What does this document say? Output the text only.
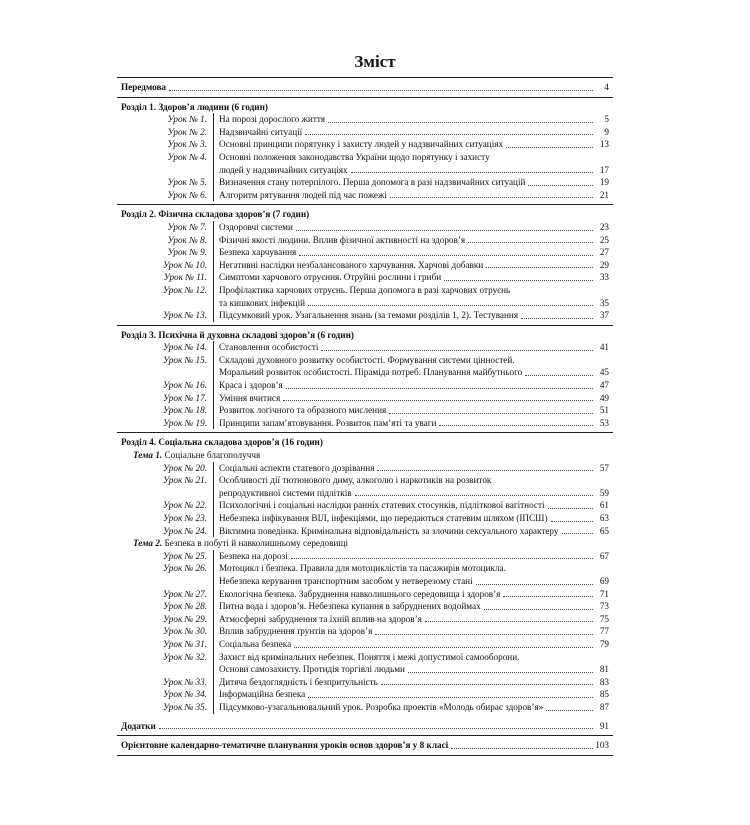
Зміст
Передмова	4
Розділ 1. Здоров’я людини (6 годин)
Урок № 1.	На порозі дорослого життя	5
Урок № 2.	Надзвичайні ситуації	9
Урок № 3.	Основні принципи порятунку і захисту людей у надзвичайних ситуаціях	13
Урок № 4.	Основні положення законодавства України щодо порятунку і захисту
людей у надзвичайних ситуаціях	17
Урок № 5.	Визначення стану потерпілого. Перша допомога в разі надзвичайних ситуацій	19
Урок № 6.	Алгоритм рятування людей під час пожежі	21
Розділ 2. Фізична складова здоров’я (7 годин)
Урок № 7.	Оздоровчі системи	23
Урок № 8.	Фізичні якості людини. Вплив фізичної активності на здоров’я	25
Урок № 9.	Безпека харчування	27
Урок № 10.	Негативні наслідки незбалансованого харчування. Харчові добавки	29
Урок № 11.	Симптоми харчового отруєння. Отруйні рослини і гриби	33
Урок № 12.	Профілактика харчових отруєнь. Перша допомога в разі харчових отруєнь
та кишкових інфекцій	35
Урок № 13.	Підсумковий урок. Узагальнення знань (за темами розділів 1, 2). Тестування	37
Розділ 3. Психічна й духовна складові здоров’я (6 годин)
Урок № 14.	Становлення особистості	41
Урок № 15.	Складові духовного розвитку особистості. Формування системи цінностей.
Моральний розвиток особистості. Піраміда потреб. Планування майбутнього	45
Урок № 16.	Краса і здоров’я	47
Урок № 17.	Уміння вчитися	49
Урок № 18.	Розвиток логічного та образного мислення	51
Урок № 19.	Принципи запам’ятовування. Розвиток пам’яті та уваги	53
Розділ 4. Соціальна складова здоров’я (16 годин)
Тема 1. Соціальне благополуччя
Урок № 20.	Соціальні аспекти статевого дозрівання	57
Урок № 21.	Особливості дії тютюнового диму, алкоголю і наркотиків на розвиток
репродуктивної системи підлітків	59
Урок № 22.	Психологічні і соціальні наслідки ранніх статевих стосунків, підліткової вагітності	61
Урок № 23.	Небезпека інфікування ВІЛ, інфекціями, що передаються статевим шляхом (ІПСШ)	63
Урок № 24.	Віктимна поведінка. Кримінальна відповідальність за злочини сексуального характеру	65
Тема 2. Безпека в побуті й навколишньому середовищі
Урок № 25.	Безпека на дорозі	67
Урок № 26.	Мотоцикл і безпека. Правила для мотоциклістів та пасажирів мотоцикла.
Небезпека керування транспортним засобом у нетверезому стані	69
Урок № 27.	Екологічна безпека. Забруднення навколишнього середовища і здоров’я	71
Урок № 28.	Питна вода і здоров’я. Небезпека купання в забруднених водоймах	73
Урок № 29.	Атмосферні забруднення та їхній вплив на здоров’я	75
Урок № 30.	Вплив забруднення ґрунтів на здоров’я	77
Урок № 31.	Соціальна безпека	79
Урок № 32.	Захист від кримінальних небезпек. Поняття і межі допустимої самооборони.
Основи самозахисту. Протидія торгівлі людьми	81
Урок № 33.	Дитяча бездоглядність і безпритульність	83
Урок № 34.	Інформаційна безпека	85
Урок № 35.	Підсумково-узагальнювальний урок. Розробка проектів «Молодь обирає здоров’я»	87
Додатки	91
Орієнтовне календарно-тематичне планування уроків основ здоров’я у 8 класі	103
